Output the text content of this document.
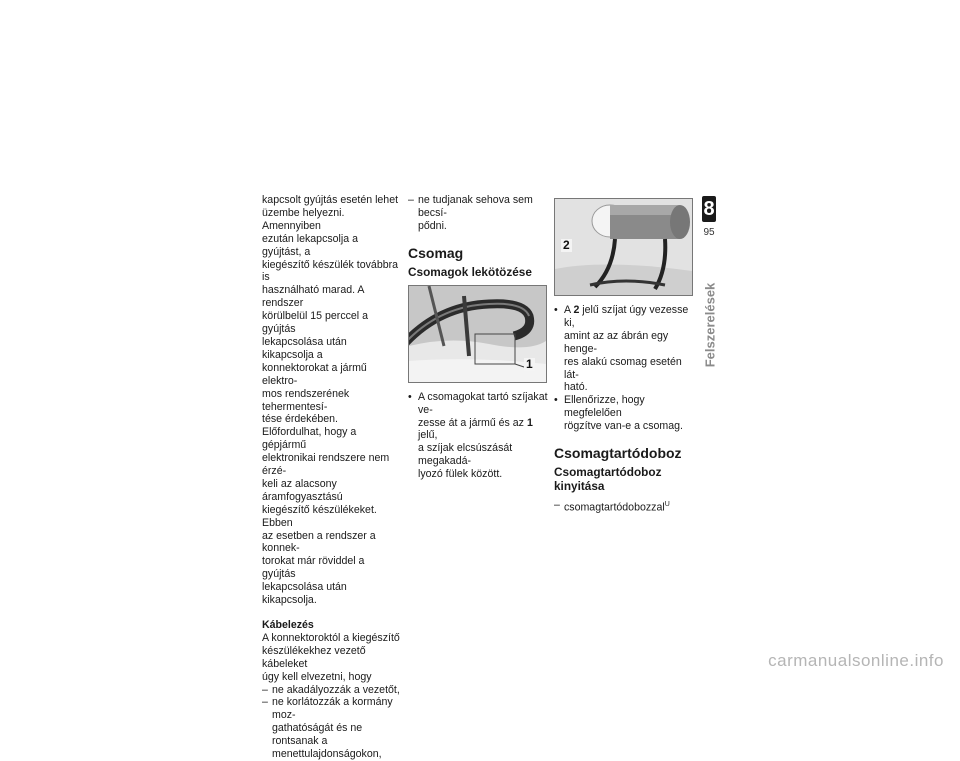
kapcsolt gyújtás esetén lehet
üzembe helyezni. Amennyiben
ezután lekapcsolja a gyújtást, a
kiegészítő készülék továbbra is
használható marad. A rendszer
körülbelül 15 perccel a gyújtás
lekapcsolása után kikapcsolja a
konnektorokat a jármű elektro-
mos rendszerének tehermentesí-
tése érdekében.

Előfordulhat, hogy a gépjármű
elektronikai rendszere nem érzé-
keli az alacsony áramfogyasztású
kiegészítő készülékeket. Ebben
az esetben a rendszer a konnek-
torokat már röviddel a gyújtás
lekapcsolása után kikapcsolja.

Kábelezés

A konnektoroktól a kiegészítő
készülékekhez vezető kábeleket
úgy kell elvezetni, hogy

– ne akadályozzák a vezetőt,

– ne korlátozzák a kormány moz-
gathatóságát és ne rontsanak a
menettulajdonságokon,

– ne tudjanak sehova sem becsí-
pődni.

Csomag

Csomagok lekötözése

1

• A csomagokat tartó szíjakat ve-
zesse át a jármű és az 1 jelű,
a szíjak elcsúszását megakadá-
lyozó fülek között.

2

• A 2 jelű szíjat úgy vezesse ki,
amint az az ábrán egy henge-
res alakú csomag esetén lát-
ható.

• Ellenőrizze, hogy megfelelően
rögzítve van-e a csomag.

Csomagtartódoboz

Csomagtartódoboz
kinyitása

– csomagtartódobozzal$^U$

8
95
Felszerelések
carmanualsonline.info
